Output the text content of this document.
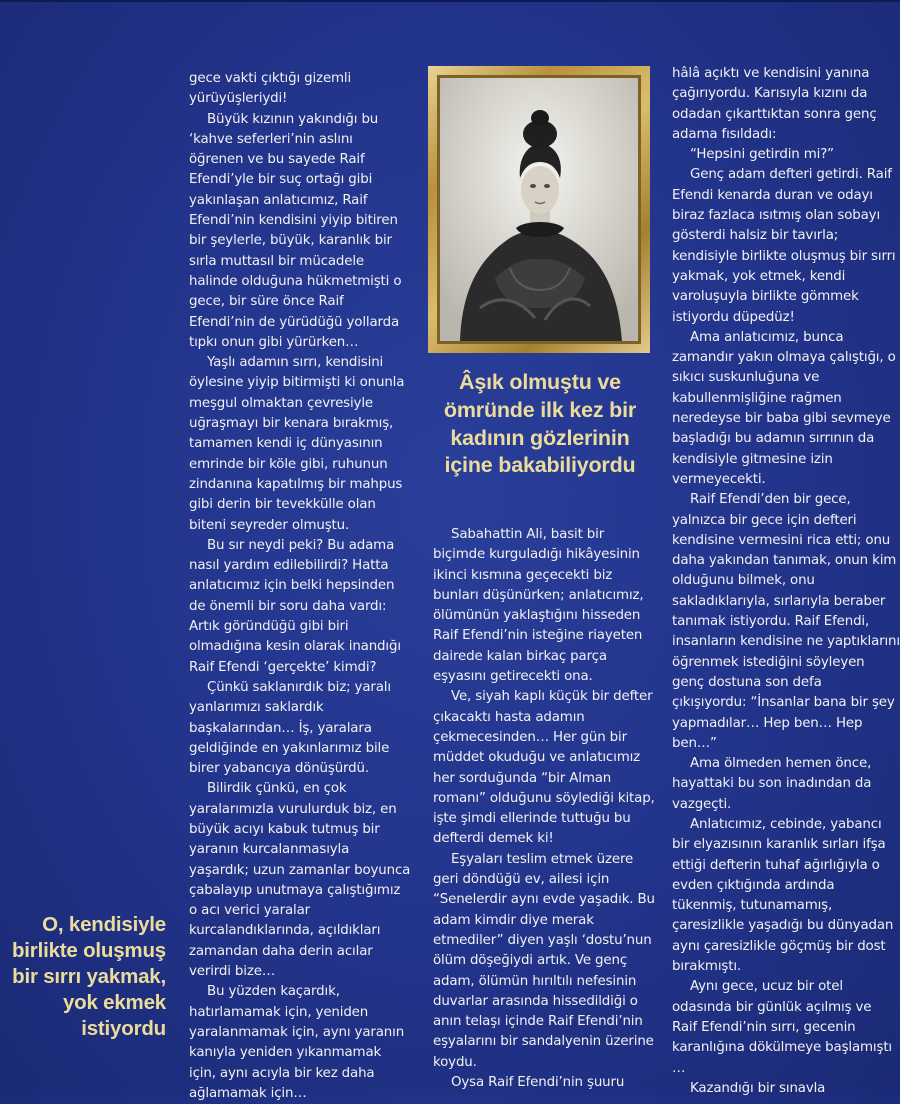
gece vakti çıktığı gizemli yürüyüşleriydi!

Büyük kızının yakındığı bu ‘kahve seferleri’nin aslını öğrenen ve bu sayede Raif Efendi’yle bir suç ortağı gibi yakınlaşan anlatıcımız, Raif Efendi’nin kendisini yiyip bitiren bir şeylerle, büyük, karanlık bir sırla muttasıl bir mücadele halinde olduğuna hükmetmişti o gece, bir süre önce Raif Efendi’nin de yürüdüğü yollarda tıpkı onun gibi yürürken…

Yaşlı adamın sırrı, kendisini öylesine yiyip bitirmişti ki onunla meşgul olmaktan çevresiyle uğraşmayı bir kenara bırakmış, tamamen kendi iç dünyasının emrinde bir köle gibi, ruhunun zindanına kapatılmış bir mahpus gibi derin bir tevekkülle olan biteni seyreder olmuştu.

Bu sır neydi peki? Bu adama nasıl yardım edilebilirdi? Hatta anlatıcımız için belki hepsinden de önemli bir soru daha vardı: Artık göründüğü gibi biri olmadığına kesin olarak inandığı Raif Efendi ‘gerçekte’ kimdi?

Çünkü saklanırdık biz; yaralı yanlarımızı saklardık başkalarından… İş, yaralara geldiğinde en yakınlarımız bile birer yabancıya dönüşürdü.

Bilirdik çünkü, en çok yaralarımızla vurulurduk biz, en büyük acıyı kabuk tutmuş bir yaranın kurcalanmasıyla yaşardık; uzun zamanlar boyunca çabalayıp unutmaya çalıştığımız o acı verici yaralar kurcalandıklarında, açıldıkları zamandan daha derin acılar verirdi bize…

Bu yüzden kaçardık, hatırlamamak için, yeniden yaralanmamak için, aynı yaranın kanıyla yeniden yıkanmamak için, aynı acıyla bir kez daha ağlamamak için…

Âşık olmuştu ve ömründe ilk kez bir kadının gözlerinin içine bakabiliyordu

Sabahattin Ali, basit bir biçimde kurguladığı hikâyesinin ikinci kısmına geçecekti biz bunları düşünürken; anlatıcımız, ölümünün yaklaştığını hisseden Raif Efendi’nin isteğine riayeten dairede kalan birkaç parça eşyasını getirecekti ona.

Ve, siyah kaplı küçük bir defter çıkacaktı hasta adamın çekmecesinden… Her gün bir müddet okuduğu ve anlatıcımız her sorduğunda “bir Alman romanı” olduğunu söylediği kitap, işte şimdi ellerinde tuttuğu bu defterdi demek ki!

Eşyaları teslim etmek üzere geri döndüğü ev, ailesi için “Senelerdir aynı evde yaşadık. Bu adam kimdir diye merak etmediler” diyen yaşlı ‘dostu’nun ölüm döşeğiydi artık. Ve genç adam, ölümün hırıltılı nefesinin duvarlar arasında hissedildiği o anın telaşı içinde Raif Efendi’nin eşyalarını bir sandalyenin üzerine koydu.

Oysa Raif Efendi’nin şuuru

hâlâ açıktı ve kendisini yanına çağırıyordu. Karısıyla kızını da odadan çıkarttıktan sonra genç adama fısıldadı:

“Hepsini getirdin mi?”

Genç adam defteri getirdi. Raif Efendi kenarda duran ve odayı biraz fazlaca ısıtmış olan sobayı gösterdi halsiz bir tavırla; kendisiyle birlikte oluşmuş bir sırrı yakmak, yok etmek, kendi varoluşuyla birlikte gömmek istiyordu düpedüz!

Ama anlatıcımız, bunca zamandır yakın olmaya çalıştığı, o sıkıcı suskunluğuna ve kabullenmişliğine rağmen neredeyse bir baba gibi sevmeye başladığı bu adamın sırrının da kendisiyle gitmesine izin vermeyecekti.

Raif Efendi’den bir gece, yalnızca bir gece için defteri kendisine vermesini rica etti; onu daha yakından tanımak, onun kim olduğunu bilmek, onu sakladıklarıyla, sırlarıyla beraber tanımak istiyordu. Raif Efendi, insanların kendisine ne yaptıklarını öğrenmek istediğini söyleyen genç dostuna son defa çıkışıyordu: “İnsanlar bana bir şey yapmadılar… Hep ben… Hep ben…”

Ama ölmeden hemen önce, hayattaki bu son inadından da vazgeçti.

Anlatıcımız, cebinde, yabancı bir elyazısının karanlık sırları ifşa ettiği defterin tuhaf ağırlığıyla o evden çıktığında ardında tükenmiş, tutunamamış, çaresizlikle yaşadığı bu dünyadan aynı çaresizlikle göçmüş bir dost bırakmıştı.

Aynı gece, ucuz bir otel odasında bir günlük açılmış ve Raif Efendi’nin sırrı, gecenin karanlığına dökülmeye başlamıştı …

Kazandığı bir sınavla

O, kendisiyle birlikte oluşmuş bir sırrı yakmak, yok ekmek istiyordu
